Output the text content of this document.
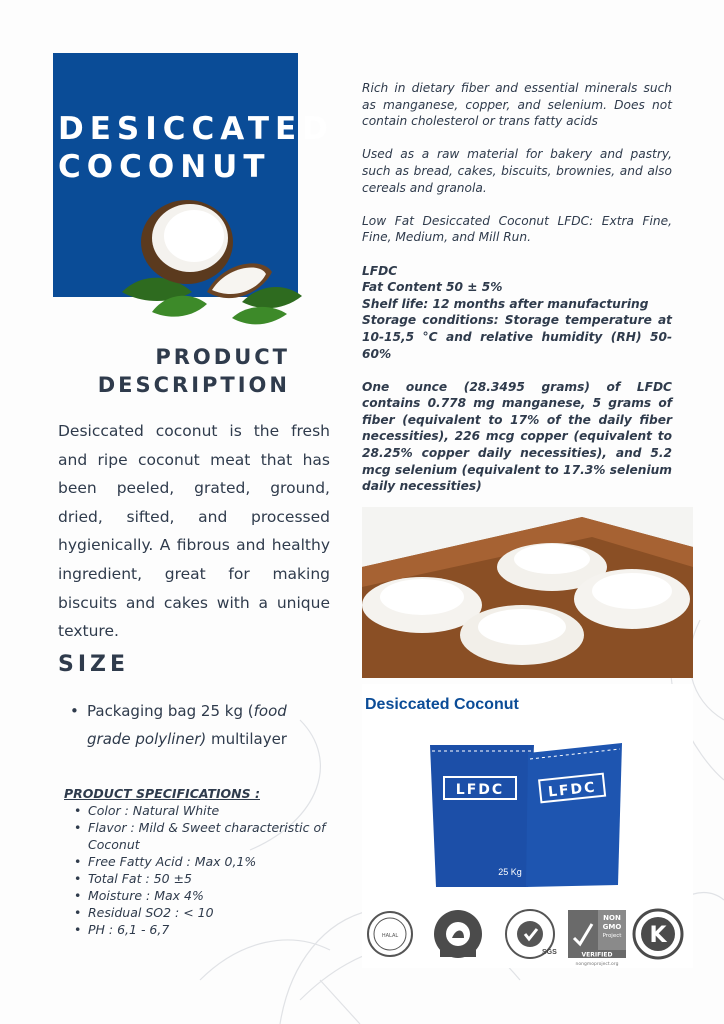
DESICCATED
COCONUT
PRODUCT
DESCRIPTION
Desiccated coconut is the fresh and ripe coconut meat that has been peeled, grated, ground, dried, sifted, and processed hygienically. A fibrous and healthy ingredient, great for making biscuits and cakes with a unique texture.
SIZE
• Packaging bag 25 kg (food grade polyliner) multilayer
PRODUCT SPECIFICATIONS :
• Color : Natural White
• Flavor : Mild & Sweet characteristic of Coconut
• Free Fatty Acid : Max 0,1%
• Total Fat : 50 ±5
• Moisture : Max 4%
• Residual SO2 : < 10
• PH : 6,1 - 6,7

Rich in dietary fiber and essential minerals such as manganese, copper, and selenium. Does not contain cholesterol or trans fatty acids

Used as a raw material for bakery and pastry, such as bread, cakes, biscuits, brownies, and also cereals and granola.

Low Fat Desiccated Coconut LFDC: Extra Fine, Fine, Medium, and Mill Run.

LFDC
Fat Content 50 ± 5%
Shelf life: 12 months after manufacturing
Storage conditions: Storage temperature at 10-15,5 °C and relative humidity (RH) 50-60%

One ounce (28.3495 grams) of LFDC contains 0.778 mg manganese, 5 grams of fiber (equivalent to 17% of the daily fiber necessities), 226 mcg copper (equivalent to 28.25% copper daily necessities), and 5.2 mcg selenium (equivalent to 17.3% selenium daily necessities)

Desiccated Coconut
LFDC	LFDC
25 Kg
HALAL
SGS
NON
GMO
Project
VERIFIED
nongmoproject.org
K
